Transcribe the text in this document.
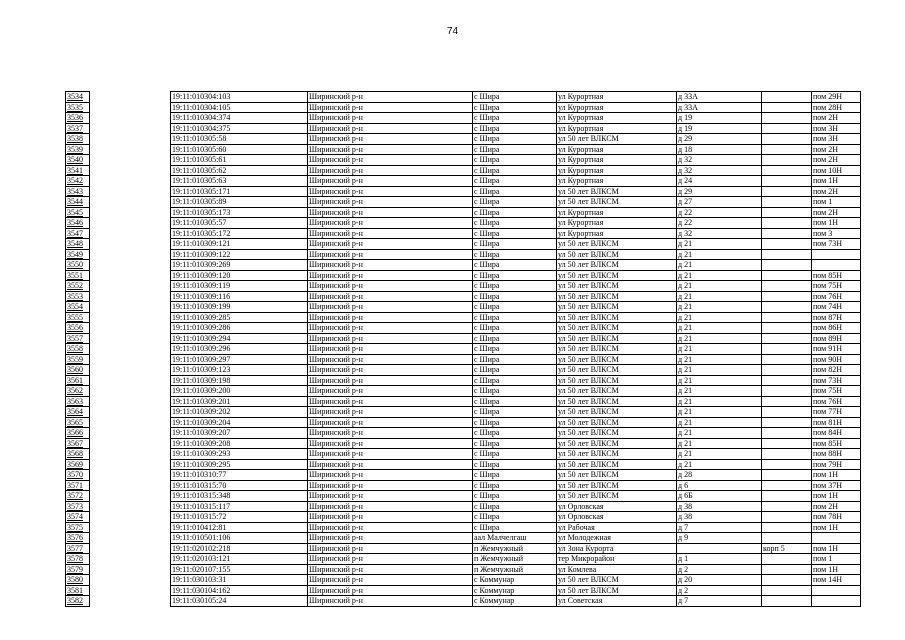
74
3534		19:11:010304:103	Ширинский р-н	с Шира	ул Курортная	д 33А		пом 29Н
3535		19:11:010304:105	Ширинский р-н	с Шира	ул Курортная	д 33А		пом 28Н
3536		19:11:010304:374	Ширинский р-н	с Шира	ул Курортная	д 19		пом 2Н
3537		19:11:010304:375	Ширинский р-н	с Шира	ул Курортная	д 19		пом 3Н
3538		19:11:010305:58	Ширинский р-н	с Шира	ул 50 лет ВЛКСМ	д 29		пом 3Н
3539		19:11:010305:60	Ширинский р-н	с Шира	ул Курортная	д 18		пом 2Н
3540		19:11:010305:61	Ширинский р-н	с Шира	ул Курортная	д 32		пом 2Н
3541		19:11:010305:62	Ширинский р-н	с Шира	ул Курортная	д 32		пом 10Н
3542		19:11:010305:63	Ширинский р-н	с Шира	ул Курортная	д 24		пом 1Н
3543		19:11:010305:171	Ширинский р-н	с Шира	ул 50 лет ВЛКСМ	д 29		пом 2Н
3544		19:11:010305:89	Ширинский р-н	с Шира	ул 50 лет ВЛКСМ	д 27		пом 1
3545		19:11:010305:173	Ширинский р-н	с Шира	ул Курортная	д 22		пом 2Н
3546		19:11:010305:57	Ширинский р-н	с Шира	ул Курортная	д 22		пом 1Н
3547		19:11:010305:172	Ширинский р-н	с Шира	ул Курортная	д 32		пом 3
3548		19:11:010309:121	Ширинский р-н	с Шира	ул 50 лет ВЛКСМ	д 21		пом 73Н
3549		19:11:010309:122	Ширинский р-н	с Шира	ул 50 лет ВЛКСМ	д 21		
3550		19:11:010309:269	Ширинский р-н	с Шира	ул 50 лет ВЛКСМ	д 21		
3551		19:11:010309:120	Ширинский р-н	с Шира	ул 50 лет ВЛКСМ	д 21		пом 85Н
3552		19:11:010309:119	Ширинский р-н	с Шира	ул 50 лет ВЛКСМ	д 21		пом 75Н
3553		19:11:010309:116	Ширинский р-н	с Шира	ул 50 лет ВЛКСМ	д 21		пом 76Н
3554		19:11:010309:199	Ширинский р-н	с Шира	ул 50 лет ВЛКСМ	д 21		пом 74Н
3555		19:11:010309:285	Ширинский р-н	с Шира	ул 50 лет ВЛКСМ	д 21		пом 87Н
3556		19:11:010309:286	Ширинский р-н	с Шира	ул 50 лет ВЛКСМ	д 21		пом 86Н
3557		19:11:010309:294	Ширинский р-н	с Шира	ул 50 лет ВЛКСМ	д 21		пом 89Н
3558		19:11:010309:296	Ширинский р-н	с Шира	ул 50 лет ВЛКСМ	д 21		пом 91Н
3559		19:11:010309:297	Ширинский р-н	с Шира	ул 50 лет ВЛКСМ	д 21		пом 90Н
3560		19:11:010309:123	Ширинский р-н	с Шира	ул 50 лет ВЛКСМ	д 21		пом 82Н
3561		19:11:010309:198	Ширинский р-н	с Шира	ул 50 лет ВЛКСМ	д 21		пом 73Н
3562		19:11:010309:200	Ширинский р-н	с Шира	ул 50 лет ВЛКСМ	д 21		пом 75Н
3563		19:11:010309:201	Ширинский р-н	с Шира	ул 50 лет ВЛКСМ	д 21		пом 76Н
3564		19:11:010309:202	Ширинский р-н	с Шира	ул 50 лет ВЛКСМ	д 21		пом 77Н
3565		19:11:010309:204	Ширинский р-н	с Шира	ул 50 лет ВЛКСМ	д 21		пом 81Н
3566		19:11:010309:207	Ширинский р-н	с Шира	ул 50 лет ВЛКСМ	д 21		пом 84Н
3567		19:11:010309:208	Ширинский р-н	с Шира	ул 50 лет ВЛКСМ	д 21		пом 85Н
3568		19:11:010309:293	Ширинский р-н	с Шира	ул 50 лет ВЛКСМ	д 21		пом 88Н
3569		19:11:010309:295	Ширинский р-н	с Шира	ул 50 лет ВЛКСМ	д 21		пом 79Н
3570		19:11:010310:77	Ширинский р-н	с Шира	ул 50 лет ВЛКСМ	д 28		пом 1Н
3571		19:11:010315:70	Ширинский р-н	с Шира	ул 50 лет ВЛКСМ	д 6		пом 37Н
3572		19:11:010315:348	Ширинский р-н	с Шира	ул 50 лет ВЛКСМ	д 6Б		пом 1Н
3573		19:11:010315:117	Ширинский р-н	с Шира	ул Орловская	д 38		пом 2Н
3574		19:11:010315:72	Ширинский р-н	с Шира	ул Орловская	д 38		пом 78Н
3575		19:11:010412:81	Ширинский р-н	с Шира	ул Рабочая	д 7		пом 1Н
3576		19:11:010501:106	Ширинский р-н	аал Малчелгаш	ул Молодежная	д 9		
3577		19:11:020102:218	Ширинский р-н	п Жемчужный	ул Зона Курорта		корп 5	пом 1Н
3578		19:11:020103:121	Ширинский р-н	п Жемчужный	тер Микрорайон	д 1		пом 1
3579		19:11:020107:155	Ширинский р-н	п Жемчужный	ул Комлева	д 2		пом 1Н
3580		19:11:030103:31	Ширинский р-н	с Коммунар	ул 50 лет ВЛКСМ	д 20		пом 14Н
3581		19:11:030104:162	Ширинский р-н	с Коммунар	ул 50 лет ВЛКСМ	д 2		
3582		19:11:030105:24	Ширинский р-н	с Коммунар	ул Советская	д 7		
